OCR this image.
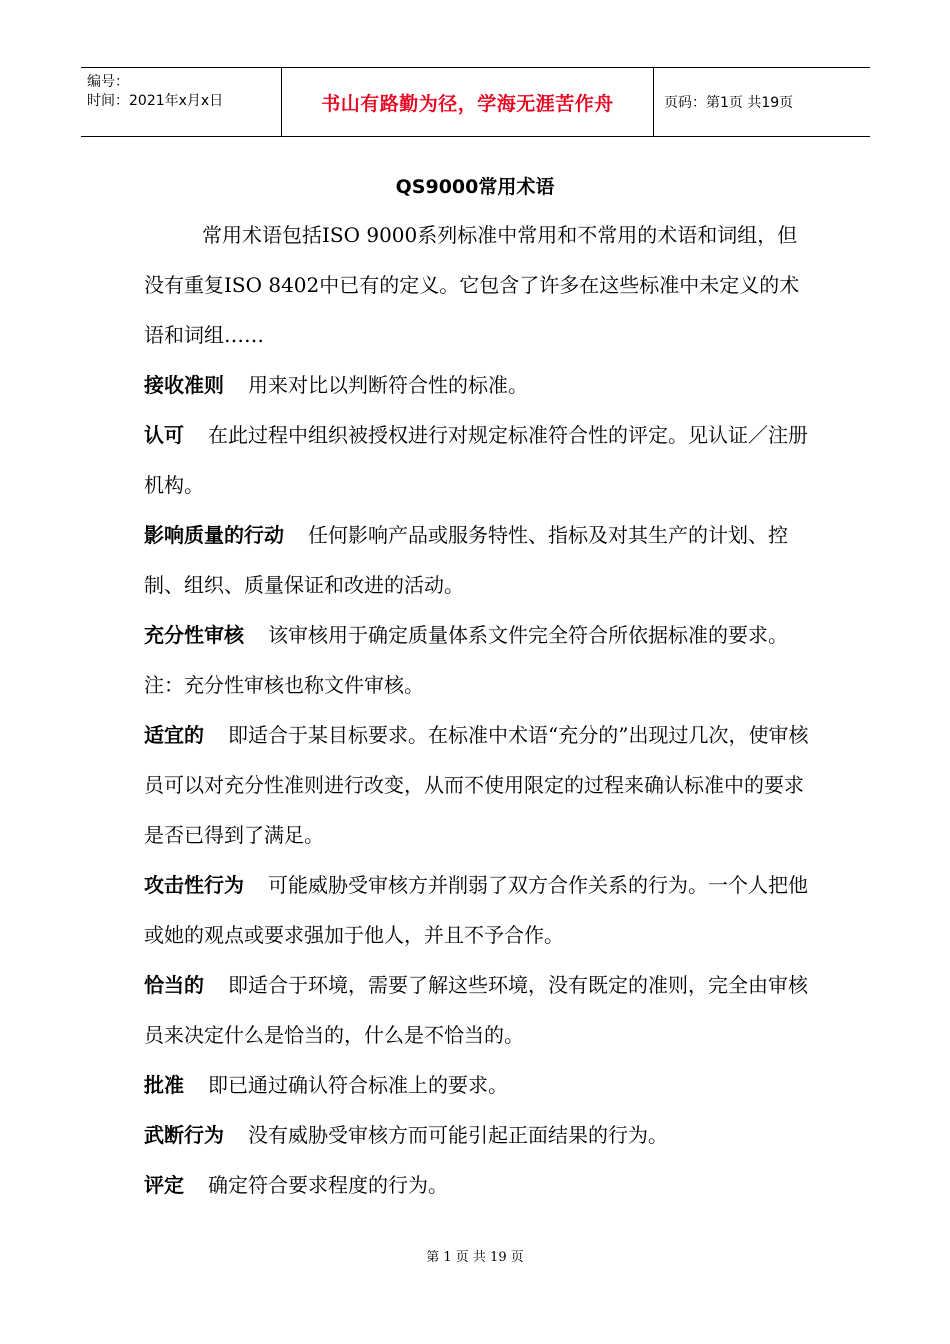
编号：
时间：2021年x月x日	书山有路勤为径，学海无涯苦作舟	页码：第1页 共19页
QS9000常用术语

常用术语包括ISO 9000系列标准中常用和不常用的术语和词组，但没有重复ISO 8402中已有的定义。它包含了许多在这些标准中未定义的术语和词组……

接收准则 用来对比以判断符合性的标准。

认可 在此过程中组织被授权进行对规定标准符合性的评定。见认证／注册机构。

影响质量的行动 任何影响产品或服务特性、指标及对其生产的计划、控制、组织、质量保证和改进的活动。

充分性审核 该审核用于确定质量体系文件完全符合所依据标准的要求。注：充分性审核也称文件审核。

适宜的 即适合于某目标要求。在标准中术语“充分的”出现过几次，使审核员可以对充分性准则进行改变，从而不使用限定的过程来确认标准中的要求是否已得到了满足。

攻击性行为 可能威胁受审核方并削弱了双方合作关系的行为。一个人把他或她的观点或要求强加于他人，并且不予合作。

恰当的 即适合于环境，需要了解这些环境，没有既定的准则，完全由审核员来决定什么是恰当的，什么是不恰当的。

批准 即已通过确认符合标准上的要求。

武断行为 没有威胁受审核方而可能引起正面结果的行为。

评定 确定符合要求程度的行为。

第 1 页 共 19 页
